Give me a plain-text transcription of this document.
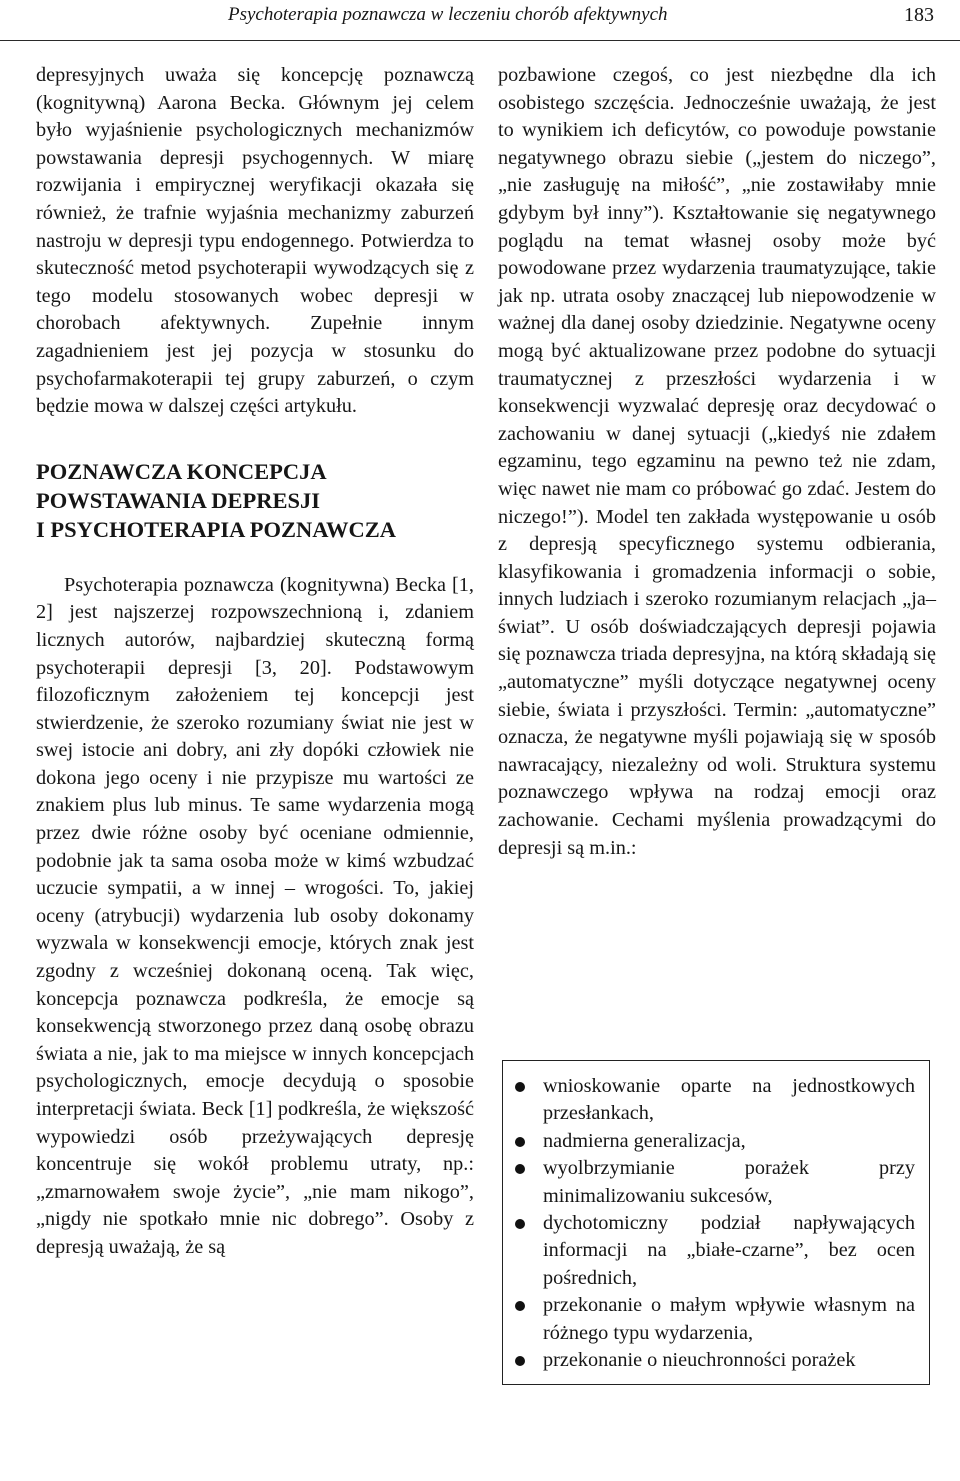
Psychoterapia poznawcza w leczeniu chorób afektywnych	183

depresyjnych uważa się koncepcję poznawczą (kognitywną) Aarona Becka. Głównym jej celem było wyjaśnienie psychologicznych mechanizmów powstawania depresji psychogennych. W miarę rozwijania i empirycznej weryfikacji okazała się również, że trafnie wyjaśnia mechanizmy zaburzeń nastroju w depresji typu endogennego. Potwierdza to skuteczność metod psychoterapii wywodzących się z tego modelu stosowanych wobec depresji w chorobach afektywnych. Zupełnie innym zagadnieniem jest jej pozycja w stosunku do psychofarmakoterapii tej grupy zaburzeń, o czym będzie mowa w dalszej części artykułu.

POZNAWCZA KONCEPCJA
POWSTAWANIA DEPRESJI
I PSYCHOTERAPIA POZNAWCZA

Psychoterapia poznawcza (kognitywna) Becka [1, 2] jest najszerzej rozpowszechnioną i, zdaniem licznych autorów, najbardziej skuteczną formą psychoterapii depresji [3, 20]. Podstawowym filozoficznym założeniem tej koncepcji jest stwierdzenie, że szeroko rozumiany świat nie jest w swej istocie ani dobry, ani zły dopóki człowiek nie dokona jego oceny i nie przypisze mu wartości ze znakiem plus lub minus. Te same wydarzenia mogą przez dwie różne osoby być oceniane odmiennie, podobnie jak ta sama osoba może w kimś wzbudzać uczucie sympatii, a w innej – wrogości. To, jakiej oceny (atrybucji) wydarzenia lub osoby dokonamy wyzwala w konsekwencji emocje, których znak jest zgodny z wcześniej dokonaną oceną. Tak więc, koncepcja poznawcza podkreśla, że emocje są konsekwencją stworzonego przez daną osobę obrazu świata a nie, jak to ma miejsce w innych koncepcjach psychologicznych, emocje decydują o sposobie interpretacji świata. Beck [1] podkreśla, że większość wypowiedzi osób przeżywających depresję koncentruje się wokół problemu utraty, np.: „zmarnowałem swoje życie”, „nie mam nikogo”, „nigdy nie spotkało mnie nic dobrego”. Osoby z depresją uważają, że są

pozbawione czegoś, co jest niezbędne dla ich osobistego szczęścia. Jednocześnie uważają, że jest to wynikiem ich deficytów, co powoduje powstanie negatywnego obrazu siebie („jestem do niczego”, „nie zasługuję na miłość”, „nie zostawiłaby mnie gdybym był inny”). Kształtowanie się negatywnego poglądu na temat własnej osoby może być powodowane przez wydarzenia traumatyzujące, takie jak np. utrata osoby znaczącej lub niepowodzenie w ważnej dla danej osoby dziedzinie. Negatywne oceny mogą być aktualizowane przez podobne do sytuacji traumatycznej z przeszłości wydarzenia i w konsekwencji wyzwalać depresję oraz decydować o zachowaniu w danej sytuacji („kiedyś nie zdałem egzaminu, tego egzaminu na pewno też nie zdam, więc nawet nie mam co próbować go zdać. Jestem do niczego!”). Model ten zakłada występowanie u osób z depresją specyficznego systemu odbierania, klasyfikowania i gromadzenia informacji o sobie, innych ludziach i szeroko rozumianym relacjach „ja–świat”. U osób doświadczających depresji pojawia się poznawcza triada depresyjna, na którą składają się „automatyczne” myśli dotyczące negatywnej oceny siebie, świata i przyszłości. Termin: „automatyczne” oznacza, że negatywne myśli pojawiają się w sposób nawracający, niezależny od woli. Struktura systemu poznawczego wpływa na rodzaj emocji oraz zachowanie. Cechami myślenia prowadzącymi do depresji są m.in.:

wnioskowanie oparte na jednostkowych przesłankach,
nadmierna generalizacja,
wyolbrzymianie porażek przy minimalizowaniu sukcesów,
dychotomiczny podział napływających informacji na „białe-czarne”, bez ocen pośrednich,
przekonanie o małym wpływie własnym na różnego typu wydarzenia,
przekonanie o nieuchronności porażek
